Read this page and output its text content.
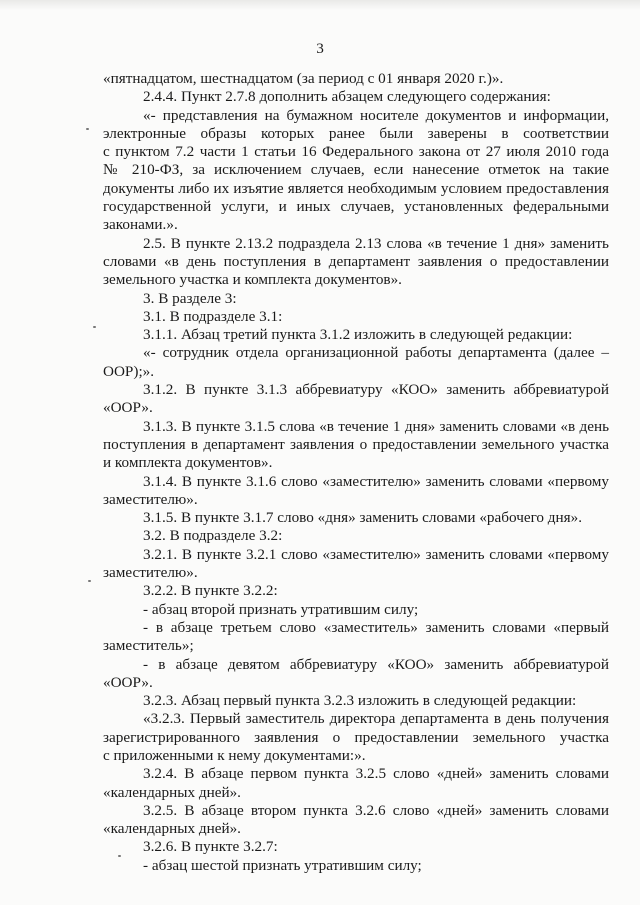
3
«пятнадцатом, шестнадцатом (за период с 01 января 2020 г.)».
2.4.4. Пункт 2.7.8 дополнить абзацем следующего содержания:
«- представления на бумажном носителе документов и информации,
электронные образы которых ранее были заверены в соответствии
с пунктом 7.2 части 1 статьи 16 Федерального закона от 27 июля 2010 года
№ 210-ФЗ, за исключением случаев, если нанесение отметок на такие
документы либо их изъятие является необходимым условием предоставления
государственной услуги, и иных случаев, установленных федеральными
законами.».
2.5. В пункте 2.13.2 подраздела 2.13 слова «в течение 1 дня» заменить
словами «в день поступления в департамент заявления о предоставлении
земельного участка и комплекта документов».
3. В разделе 3:
3.1. В подразделе 3.1:
3.1.1. Абзац третий пункта 3.1.2 изложить в следующей редакции:
«- сотрудник отдела организационной работы департамента (далее –
ООР);».
3.1.2. В пункте 3.1.3 аббревиатуру «КОО» заменить аббревиатурой
«ООР».
3.1.3. В пункте 3.1.5 слова «в течение 1 дня» заменить словами «в день
поступления в департамент заявления о предоставлении земельного участка
и комплекта документов».
3.1.4. В пункте 3.1.6 слово «заместителю» заменить словами «первому
заместителю».
3.1.5. В пункте 3.1.7 слово «дня» заменить словами «рабочего дня».
3.2. В подразделе 3.2:
3.2.1. В пункте 3.2.1 слово «заместителю» заменить словами «первому
заместителю».
3.2.2. В пункте 3.2.2:
- абзац второй признать утратившим силу;
- в абзаце третьем слово «заместитель» заменить словами «первый
заместитель»;
- в абзаце девятом аббревиатуру «КОО» заменить аббревиатурой
«ООР».
3.2.3. Абзац первый пункта 3.2.3 изложить в следующей редакции:
«3.2.3. Первый заместитель директора департамента в день получения
зарегистрированного заявления о предоставлении земельного участка
с приложенными к нему документами:».
3.2.4. В абзаце первом пункта 3.2.5 слово «дней» заменить словами
«календарных дней».
3.2.5. В абзаце втором пункта 3.2.6 слово «дней» заменить словами
«календарных дней».
3.2.6. В пункте 3.2.7:
- абзац шестой признать утратившим силу;
